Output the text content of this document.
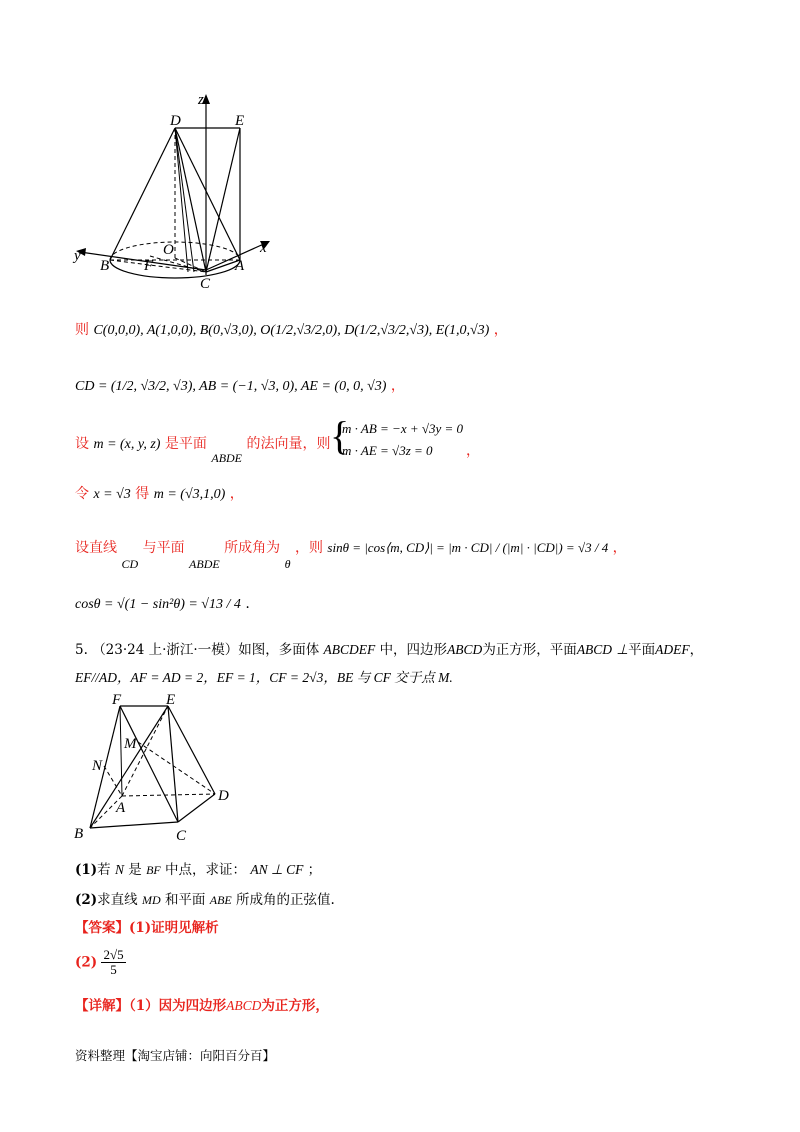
z
D	E
O
F
y
B
x
A
C
则 C(0,0,0), A(1,0,0), B(0,√3,0), O(1/2,√3/2,0), D(1/2,√3/2,√3), E(1,0,√3) ，
CD = (1/2, √3/2, √3), AB = (−1, √3, 0), AE = (0, 0, √3) ，
设 m = (x, y, z) 是平面 ABDE 的法向量，则 {
m · AB = −x + √3y = 0
m · AE = √3z = 0 ，
令 x = √3 得 m = (√3,1,0) ，
设直线 CD 与平面 ABDE 所成角为 θ ，则 sinθ = |cos⟨m, CD⟩| = |m · CD| / (|m| · |CD|) = √3 / 4 ，
cosθ = √(1 − sin²θ) = √13 / 4 .
5. （23·24 上·浙江·一模）如图，多面体 ABCDEF 中，四边形ABCD为正方形，平面ABCD ⊥平面ADEF，
EF//AD，AF = AD = 2，EF = 1，CF = 2√3，BE 与 CF 交于点 M.
F	E
M
N
A
D
B	C
(1)若 N 是 BF 中点，求证： AN ⊥ CF ；
(2)求直线 MD 和平面 ABE 所成角的正弦值.
【答案】(1)证明见解析
$(2) \frac{2√5}{5}$
【详解】（1）因为四边形ABCD为正方形，
资料整理【淘宝店铺：向阳百分百】
